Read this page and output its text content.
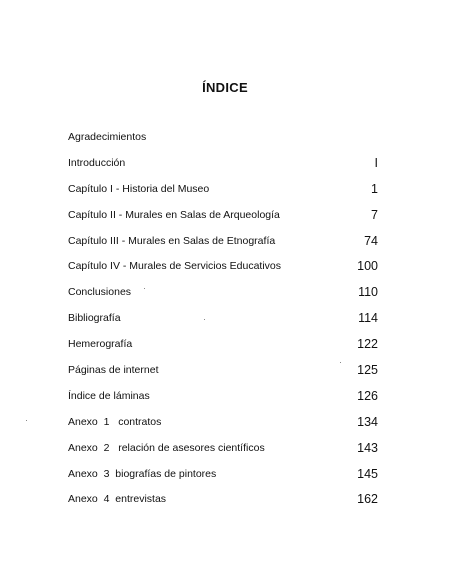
ÍNDICE
Agradecimientos
Introducción	I
Capítulo I - Historia del Museo	1
Capítulo II - Murales en Salas de Arqueología	7
Capítulo III - Murales en Salas de Etnografía	74
Capítulo IV - Murales de Servicios Educativos	100
Conclusiones	110
Bibliografía	114
Hemerografía	122
Páginas de internet	125
Índice de láminas	126
Anexo  1   contratos	134
Anexo  2   relación de asesores científicos	143
Anexo  3  biografías de pintores	145
Anexo  4  entrevistas	162
